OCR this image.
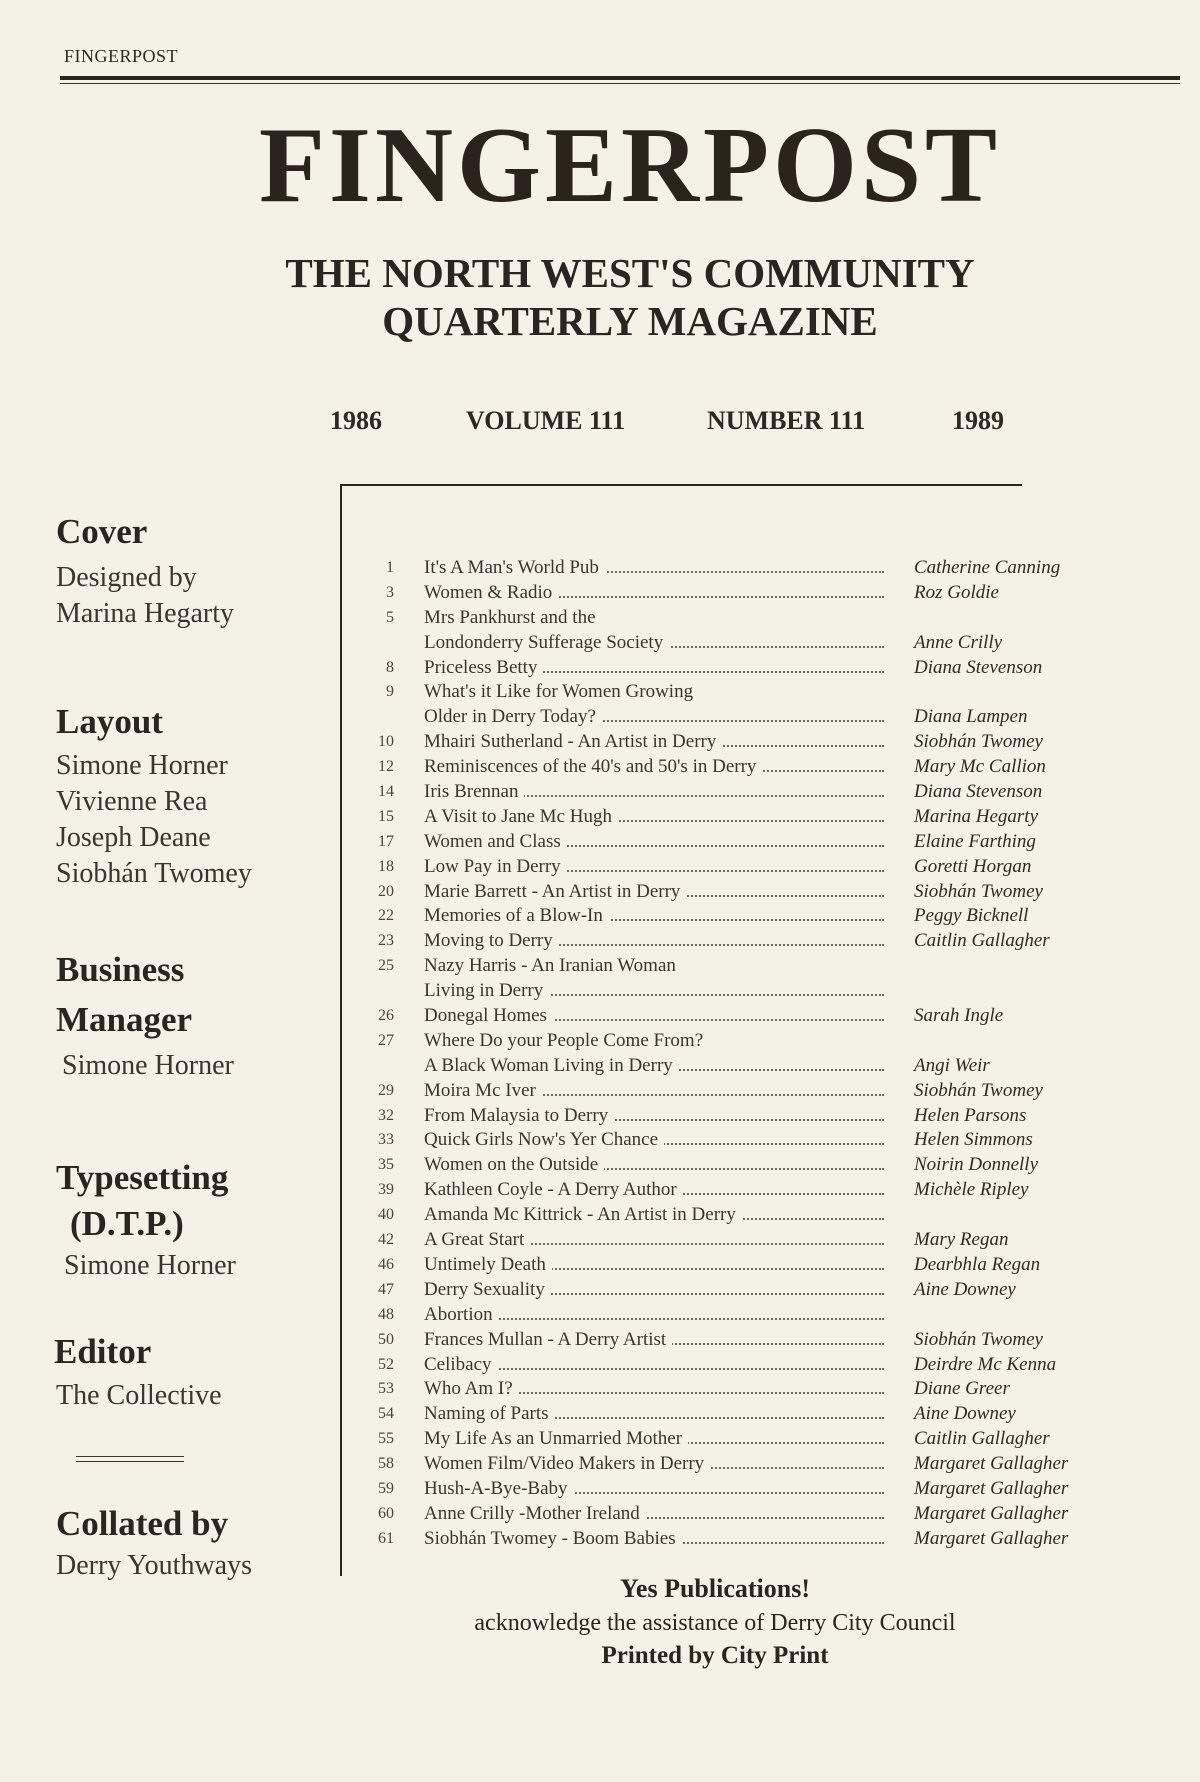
FINGERPOST
FINGERPOST
THE NORTH WEST'S COMMUNITY
QUARTERLY MAGAZINE
1986	VOLUME 111	NUMBER 111	1989
Cover
Designed by
Marina Hegarty
Layout
Simone Horner
Vivienne Rea
Joseph Deane
Siobhán Twomey
Business
Manager
Simone Horner
Typesetting
(D.T.P.)
Simone Horner
Editor
The Collective
Collated by
Derry Youthways
1 It's A Man's World Pub	Catherine Canning
3 Women & Radio	Roz Goldie
5 Mrs Pankhurst and the
Londonderry Sufferage Society	Anne Crilly
8 Priceless Betty	Diana Stevenson
9 What's it Like for Women Growing
Older in Derry Today?	Diana Lampen
10 Mhairi Sutherland - An Artist in Derry	Siobhán Twomey
12 Reminiscences of the 40's and 50's in Derry	Mary Mc Callion
14 Iris Brennan	Diana Stevenson
15 A Visit to Jane Mc Hugh	Marina Hegarty
17 Women and Class	Elaine Farthing
18 Low Pay in Derry	Goretti Horgan
20 Marie Barrett - An Artist in Derry	Siobhán Twomey
22 Memories of a Blow-In	Peggy Bicknell
23 Moving to Derry	Caitlin Gallagher
25 Nazy Harris - An Iranian Woman
Living in Derry
26 Donegal Homes	Sarah Ingle
27 Where Do your People Come From?
A Black Woman Living in Derry	Angi Weir
29 Moira Mc Iver	Siobhán Twomey
32 From Malaysia to Derry	Helen Parsons
33 Quick Girls Now's Yer Chance	Helen Simmons
35 Women on the Outside	Noirin Donnelly
39 Kathleen Coyle - A Derry Author	Michèle Ripley
40 Amanda Mc Kittrick - An Artist in Derry
42 A Great Start	Mary Regan
46 Untimely Death	Dearbhla Regan
47 Derry Sexuality	Aine Downey
48 Abortion
50 Frances Mullan - A Derry Artist	Siobhán Twomey
52 Celibacy	Deirdre Mc Kenna
53 Who Am I?	Diane Greer
54 Naming of Parts	Aine Downey
55 My Life As an Unmarried Mother	Caitlin Gallagher
58 Women Film/Video Makers in Derry	Margaret Gallagher
59 Hush-A-Bye-Baby	Margaret Gallagher
60 Anne Crilly -Mother Ireland	Margaret Gallagher
61 Siobhán Twomey - Boom Babies	Margaret Gallagher
Yes Publications!
acknowledge the assistance of Derry City Council
Printed by City Print
